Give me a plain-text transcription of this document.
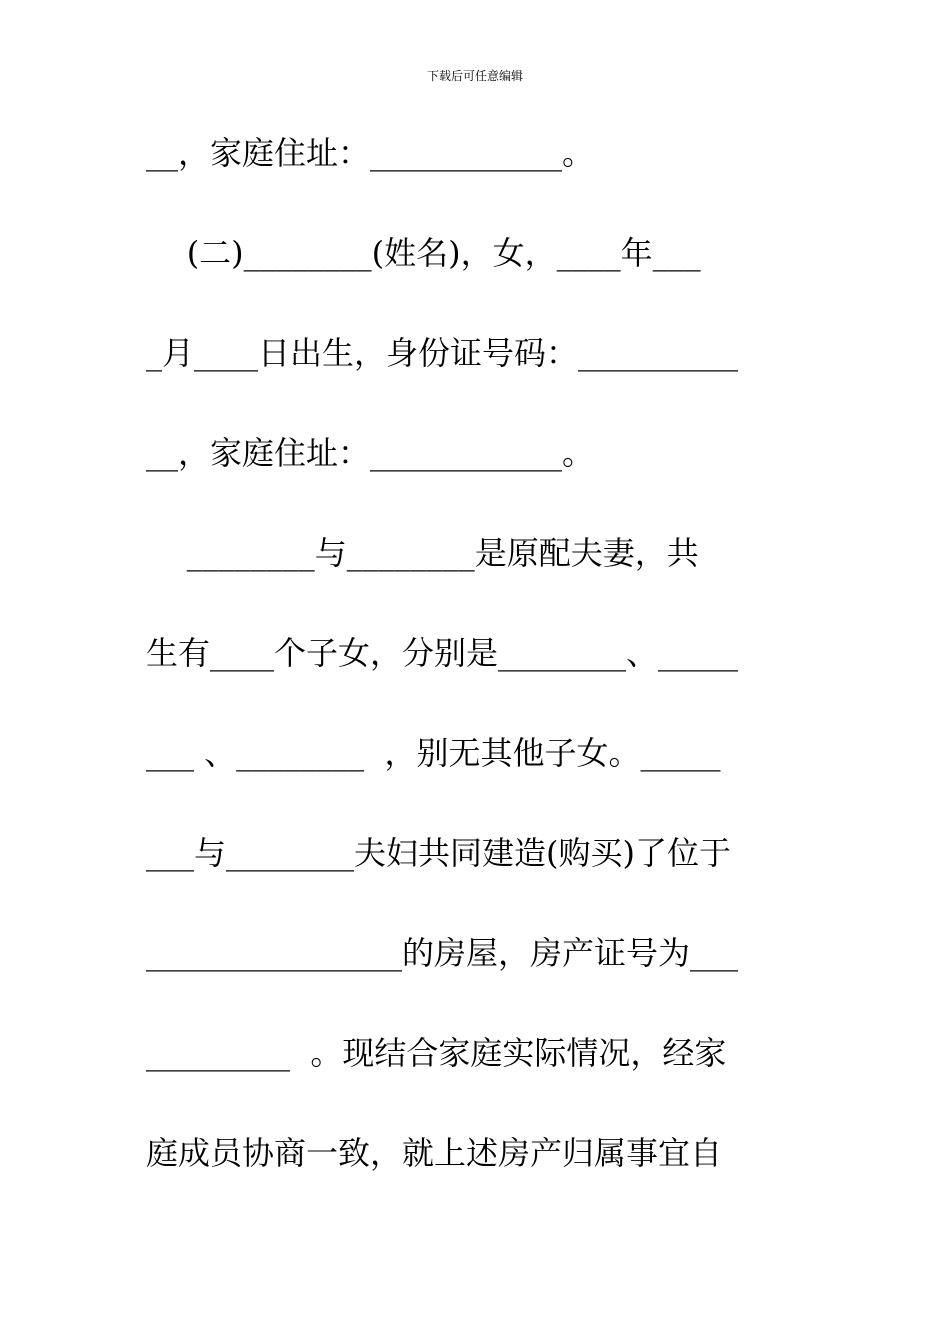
下载后可任意编辑
__，家庭住址：____________。
(二)________(姓名)，女，____年___
_月____日出生，身份证号码：__________
__，家庭住址：____________。
________与________是原配夫妻，共
生有____个子女，分别是________、_____
___ 、________  ，别无其他子女。_____
___与________夫妇共同建造(购买)了位于
________________的房屋，房产证号为___
_________  。现结合家庭实际情况，经家
庭成员协商一致，就上述房产归属事宜自
